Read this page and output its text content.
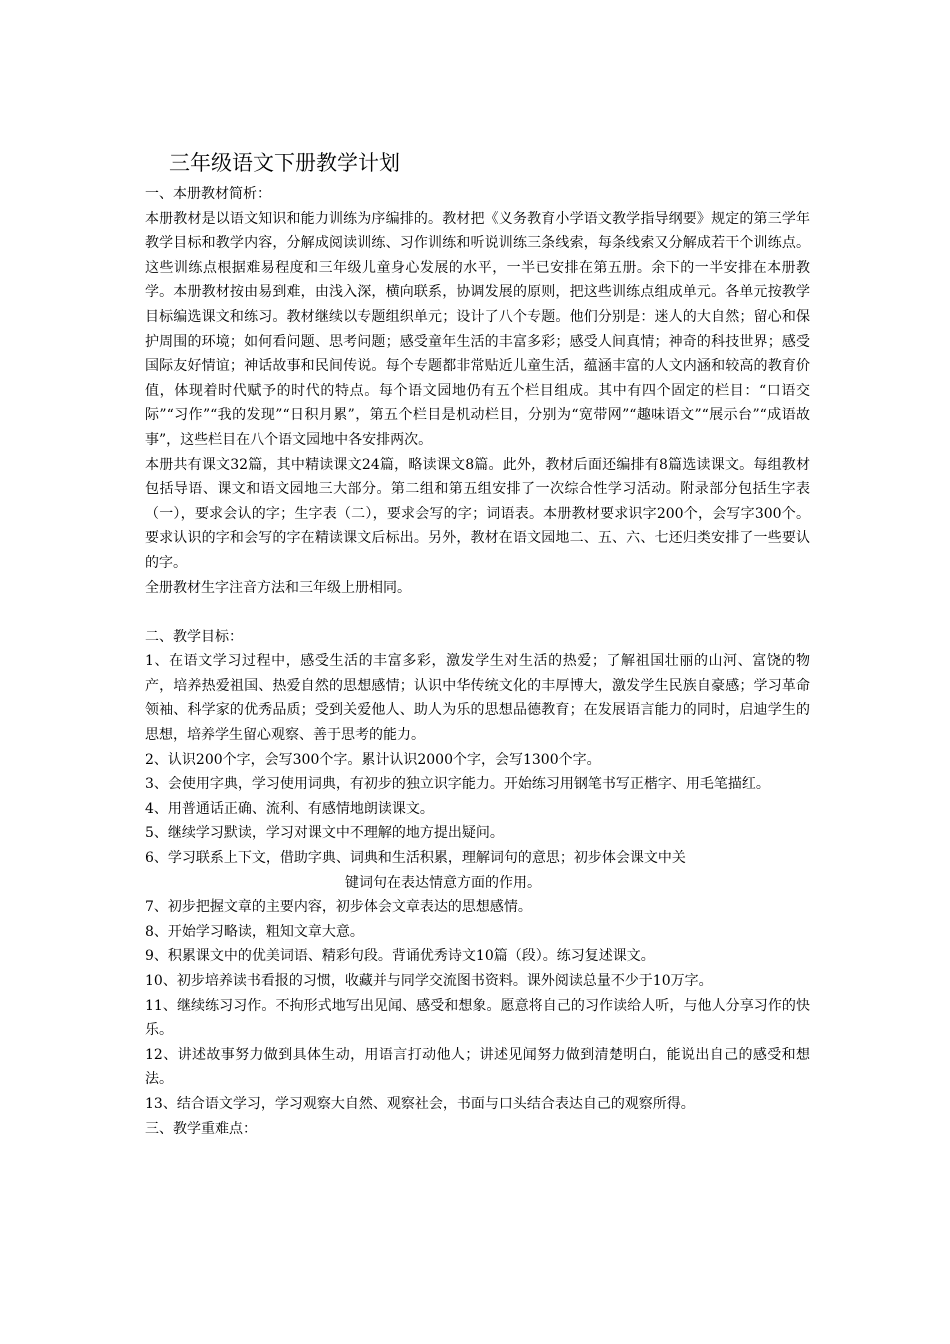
三年级语文下册教学计划

一、本册教材简析：

本册教材是以语文知识和能力训练为序编排的。教材把《义务教育小学语文教学指导纲要》规定的第三学年教学目标和教学内容，分解成阅读训练、习作训练和听说训练三条线索，每条线索又分解成若干个训练点。这些训练点根据难易程度和三年级儿童身心发展的水平，一半已安排在第五册。余下的一半安排在本册教学。本册教材按由易到难，由浅入深，横向联系，协调发展的原则，把这些训练点组成单元。各单元按教学目标编选课文和练习。教材继续以专题组织单元；设计了八个专题。他们分别是：迷人的大自然；留心和保护周围的环境；如何看问题、思考问题；感受童年生活的丰富多彩；感受人间真情；神奇的科技世界；感受国际友好情谊；神话故事和民间传说。每个专题都非常贴近儿童生活，蕴涵丰富的人文内涵和较高的教育价值，体现着时代赋予的时代的特点。每个语文园地仍有五个栏目组成。其中有四个固定的栏目：“口语交际”“习作”“我的发现”“日积月累”，第五个栏目是机动栏目，分别为“宽带网”“趣味语文”“展示台”“成语故事”，这些栏目在八个语文园地中各安排两次。

本册共有课文32篇，其中精读课文24篇，略读课文8篇。此外，教材后面还编排有8篇选读课文。每组教材包括导语、课文和语文园地三大部分。第二组和第五组安排了一次综合性学习活动。附录部分包括生字表（一），要求会认的字；生字表（二），要求会写的字；词语表。本册教材要求识字200个，会写字300个。要求认识的字和会写的字在精读课文后标出。另外，教材在语文园地二、五、六、七还归类安排了一些要认的字。

全册教材生字注音方法和三年级上册相同。

二、教学目标：

1、在语文学习过程中，感受生活的丰富多彩，激发学生对生活的热爱；了解祖国壮丽的山河、富饶的物产，培养热爱祖国、热爱自然的思想感情；认识中华传统文化的丰厚博大，激发学生民族自豪感；学习革命领袖、科学家的优秀品质；受到关爱他人、助人为乐的思想品德教育；在发展语言能力的同时，启迪学生的思想，培养学生留心观察、善于思考的能力。

2、认识200个字，会写300个字。累计认识2000个字，会写1300个字。

3、会使用字典，学习使用词典，有初步的独立识字能力。开始练习用钢笔书写正楷字、用毛笔描红。

4、用普通话正确、流利、有感情地朗读课文。

5、继续学习默读，学习对课文中不理解的地方提出疑问。

6、学习联系上下文，借助字典、词典和生活积累，理解词句的意思；初步体会课文中关

键词句在表达情意方面的作用。

7、初步把握文章的主要内容，初步体会文章表达的思想感情。

8、开始学习略读，粗知文章大意。

9、积累课文中的优美词语、精彩句段。背诵优秀诗文10篇（段）。练习复述课文。

10、初步培养读书看报的习惯，收藏并与同学交流图书资料。课外阅读总量不少于10万字。

11、继续练习习作。不拘形式地写出见闻、感受和想象。愿意将自己的习作读给人听，与他人分享习作的快乐。

12、讲述故事努力做到具体生动，用语言打动他人；讲述见闻努力做到清楚明白，能说出自己的感受和想法。

13、结合语文学习，学习观察大自然、观察社会，书面与口头结合表达自己的观察所得。

三、教学重难点：
